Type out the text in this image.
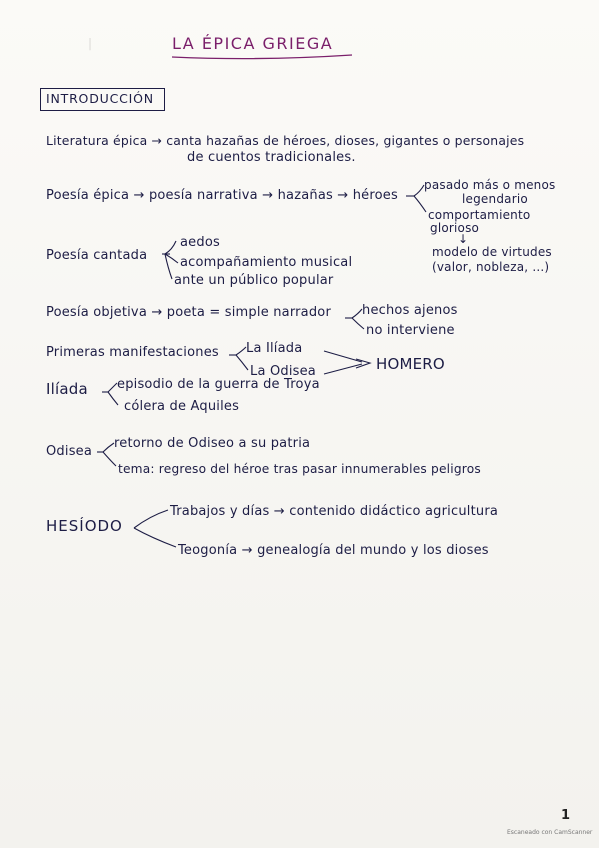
|	LA ÉPICA GRIEGA
INTRODUCCIÓN
Literatura épica → canta hazañas de héroes, dioses, gigantes o personajes
de cuentos tradicionales.
Poesía épica → poesía narrativa → hazañas → héroes
pasado más o menos
legendario
comportamiento
glorioso
↓
modelo de virtudes
(valor, nobleza, ...)
Poesía cantada
aedos
acompañamiento musical
ante un público popular
Poesía objetiva → poeta = simple narrador hechos ajenos
no interviene
Primeras manifestaciones La Ilíada
La Odisea	HOMERO
Ilíada episodio de la guerra de Troya
cólera de Aquiles
Odisea
retorno de Odiseo a su patria
tema: regreso del héroe tras pasar innumerables peligros
HESÍODO
Trabajos y días → contenido didáctico agricultura
Teogonía → genealogía del mundo y los dioses
1
Escaneado con CamScanner
